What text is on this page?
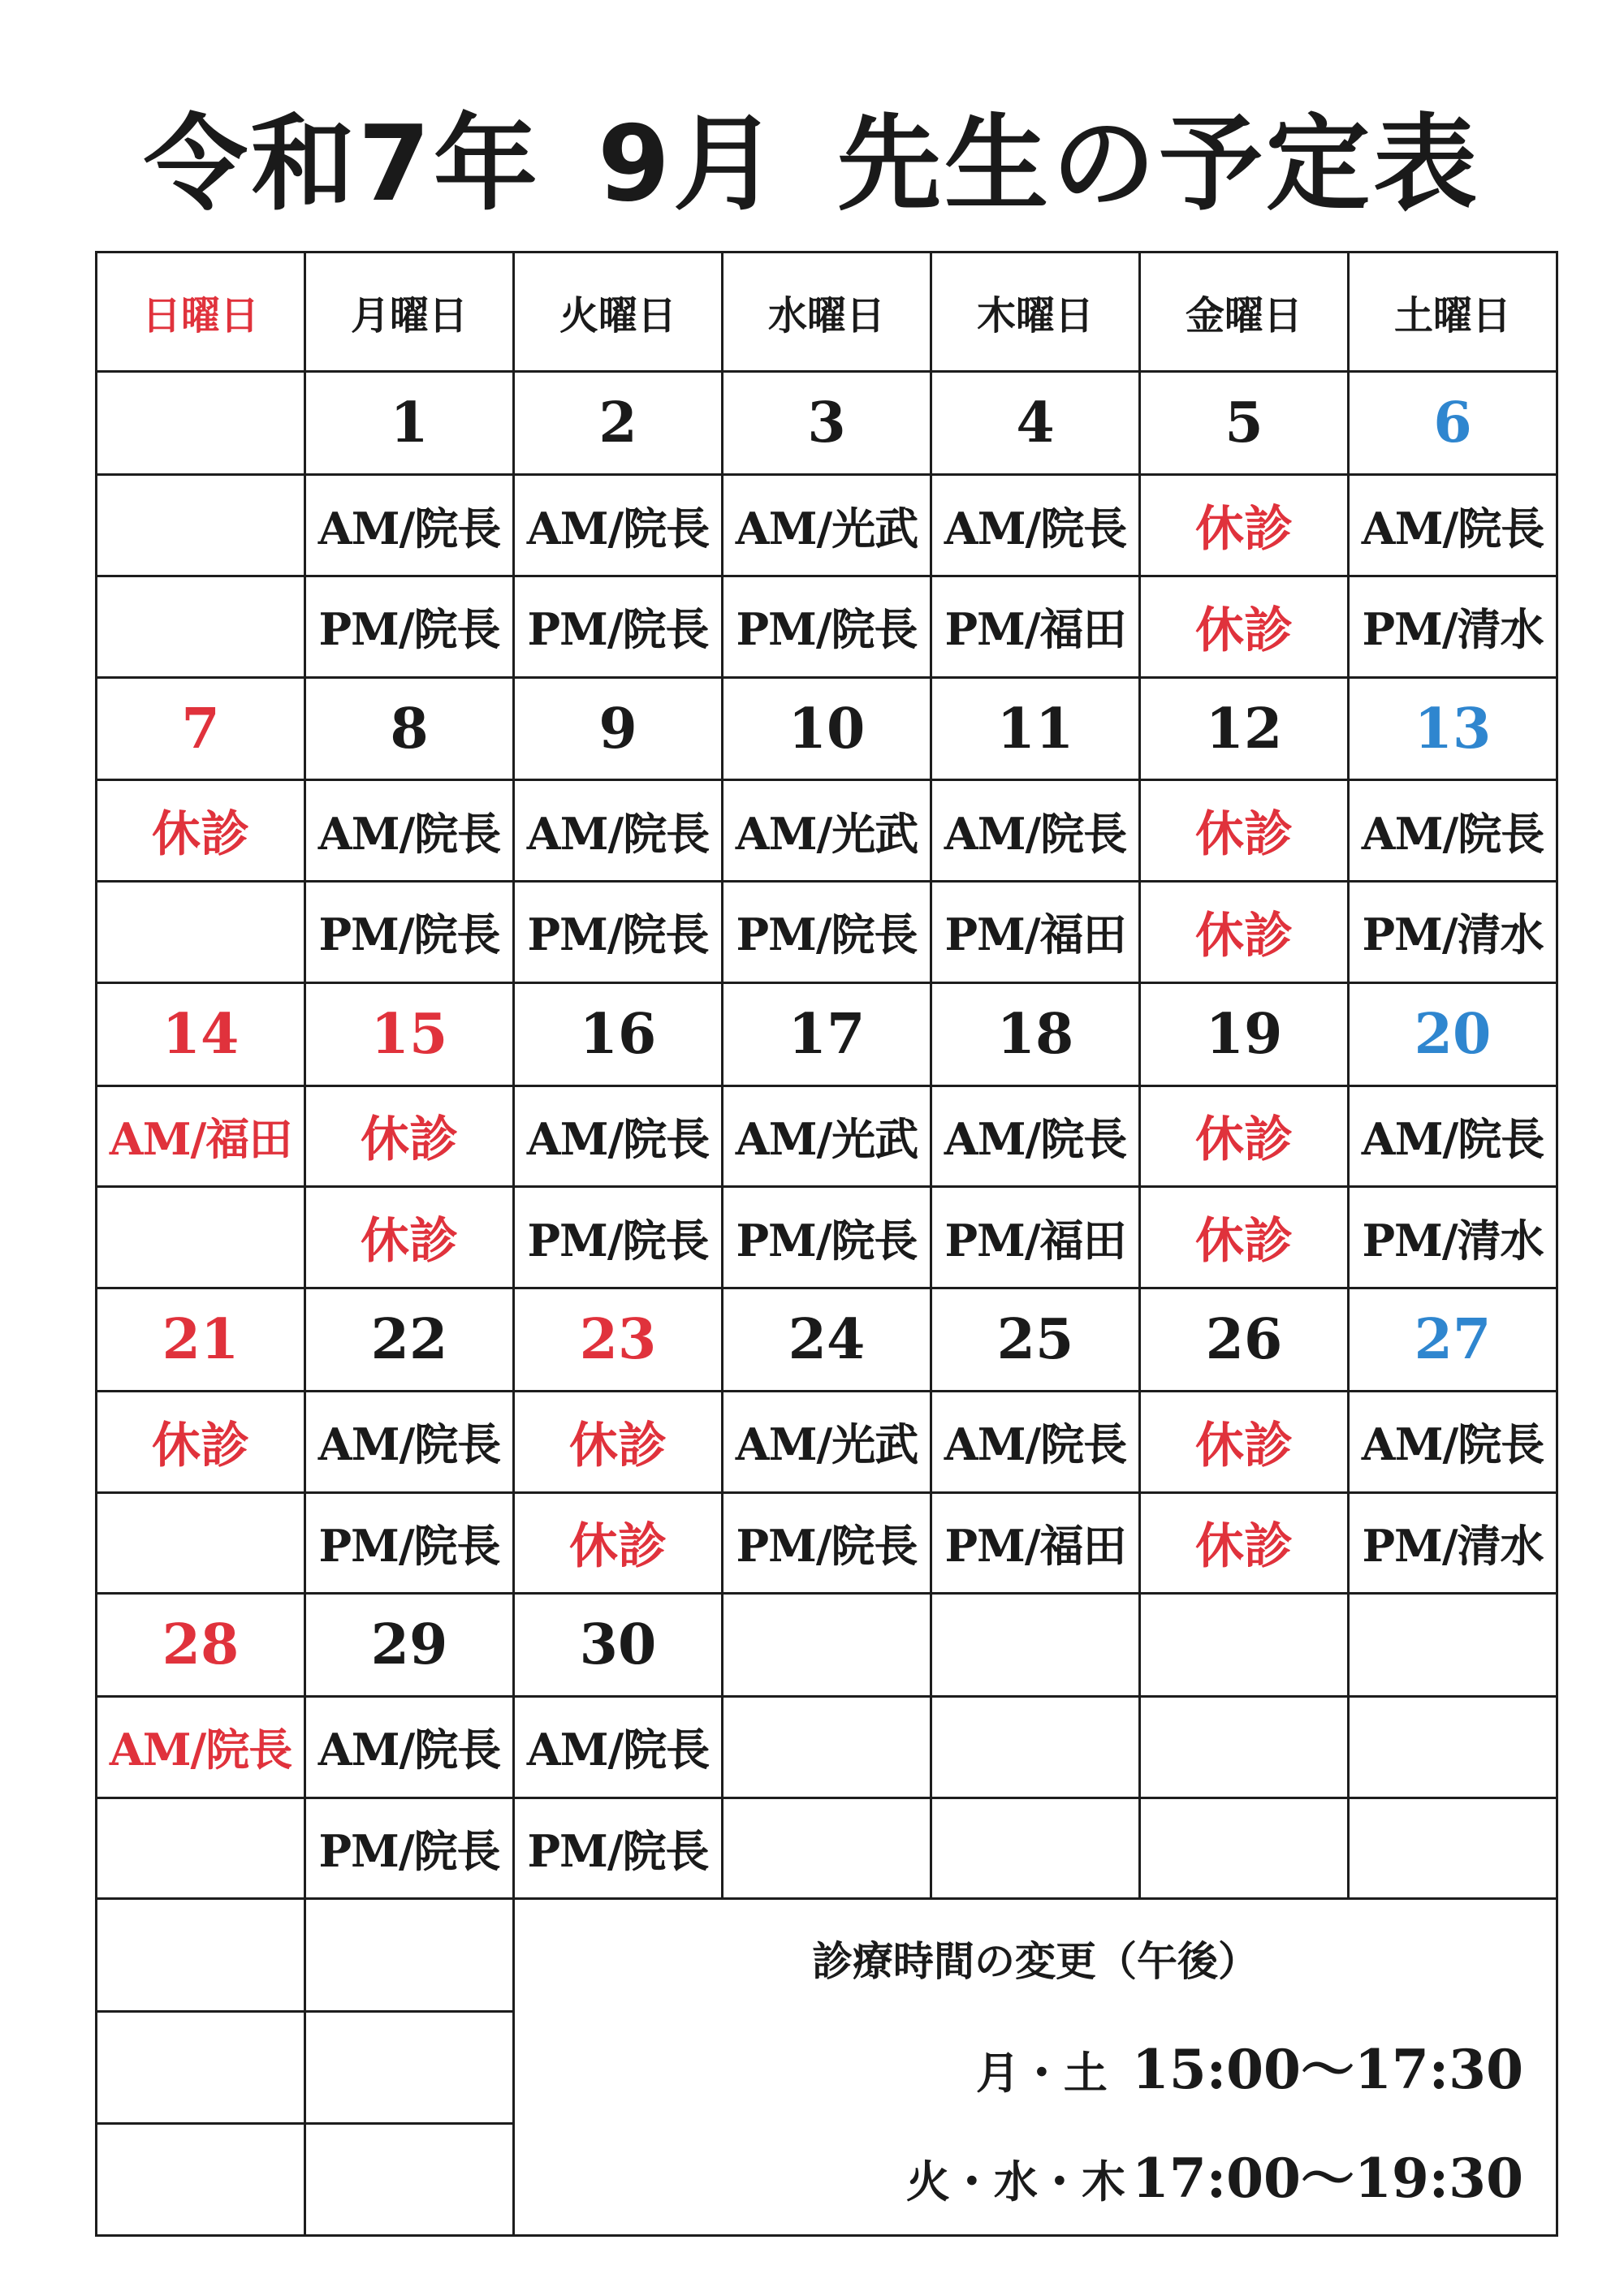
令和7年 9月 先生の予定表
日曜日	月曜日	火曜日	水曜日	木曜日	金曜日	土曜日
	1	2	3	4	5	6
	AM/院長	AM/院長	AM/光武	AM/院長	休診	AM/院長
	PM/院長	PM/院長	PM/院長	PM/福田	休診	PM/清水
7	8	9	10	11	12	13
休診	AM/院長	AM/院長	AM/光武	AM/院長	休診	AM/院長
	PM/院長	PM/院長	PM/院長	PM/福田	休診	PM/清水
14	15	16	17	18	19	20
AM/福田	休診	AM/院長	AM/光武	AM/院長	休診	AM/院長
	休診	PM/院長	PM/院長	PM/福田	休診	PM/清水
21	22	23	24	25	26	27
休診	AM/院長	休診	AM/光武	AM/院長	休診	AM/院長
	PM/院長	休診	PM/院長	PM/福田	休診	PM/清水
28	29	30				
AM/院長	AM/院長	AM/院長				
	PM/院長	PM/院長				

		診療時間の変更（午後）
月・土 15:00〜17:30
火・水・木 17:00〜19:30				
